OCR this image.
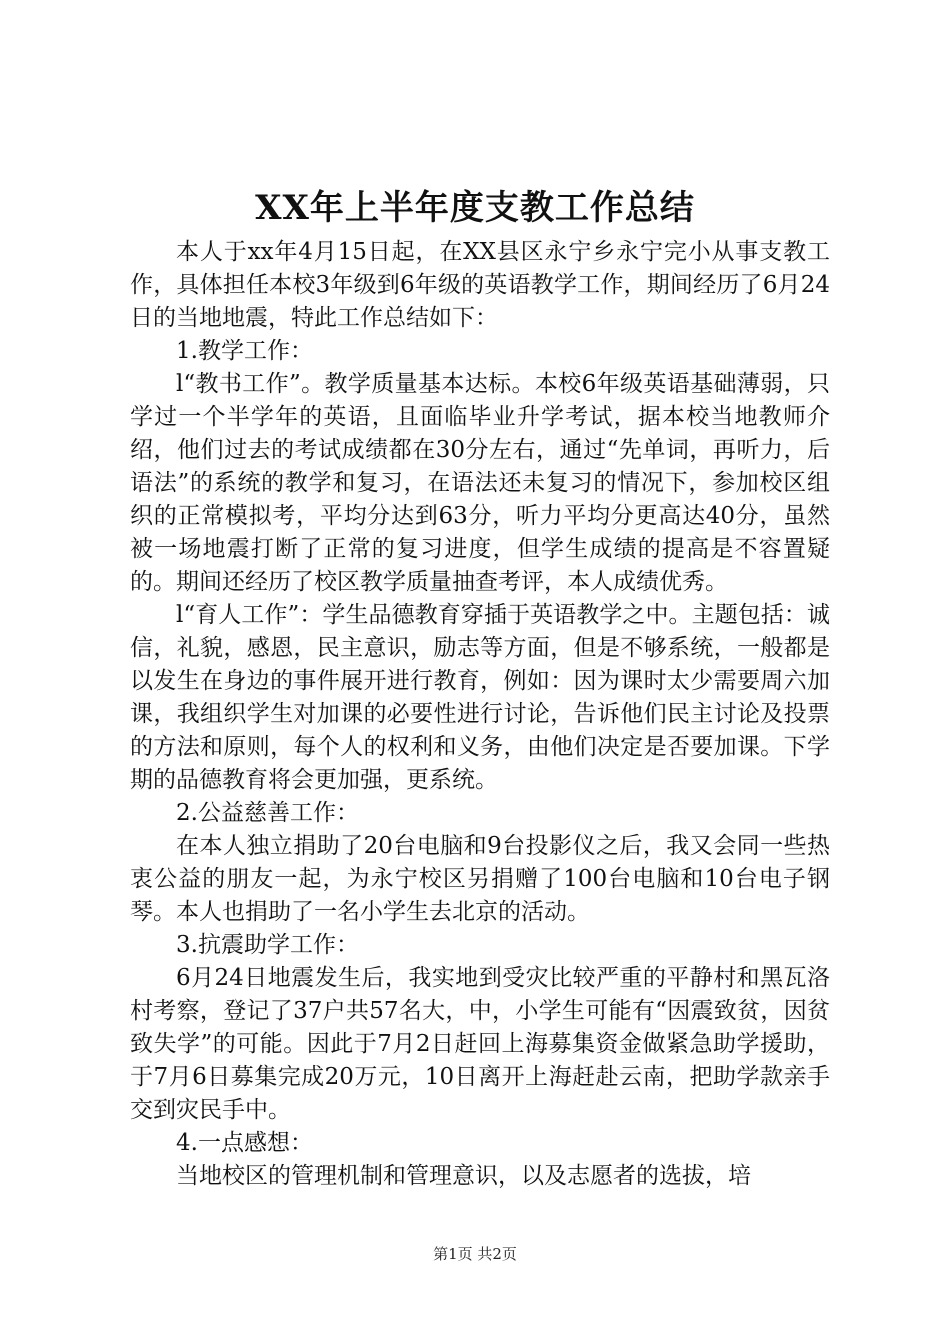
XX年上半年度支教工作总结

本人于xx年4月15日起，在XX县区永宁乡永宁完小从事支教工作，具体担任本校3年级到6年级的英语教学工作，期间经历了6月24日的当地地震，特此工作总结如下：

1.教学工作：

l“教书工作”。教学质量基本达标。本校6年级英语基础薄弱，只学过一个半学年的英语，且面临毕业升学考试，据本校当地教师介绍，他们过去的考试成绩都在30分左右，通过“先单词，再听力，后语法”的系统的教学和复习，在语法还未复习的情况下，参加校区组织的正常模拟考，平均分达到63分，听力平均分更高达40分，虽然被一场地震打断了正常的复习进度，但学生成绩的提高是不容置疑的。期间还经历了校区教学质量抽查考评，本人成绩优秀。

l“育人工作”：学生品德教育穿插于英语教学之中。主题包括：诚信，礼貌，感恩，民主意识，励志等方面，但是不够系统，一般都是以发生在身边的事件展开进行教育，例如：因为课时太少需要周六加课，我组织学生对加课的必要性进行讨论，告诉他们民主讨论及投票的方法和原则，每个人的权利和义务，由他们决定是否要加课。下学期的品德教育将会更加强，更系统。

2.公益慈善工作：

在本人独立捐助了20台电脑和9台投影仪之后，我又会同一些热衷公益的朋友一起，为永宁校区另捐赠了100台电脑和10台电子钢琴。本人也捐助了一名小学生去北京的活动。

3.抗震助学工作：

6月24日地震发生后，我实地到受灾比较严重的平静村和黑瓦洛村考察，登记了37户共57名大，中，小学生可能有“因震致贫，因贫致失学”的可能。因此于7月2日赶回上海募集资金做紧急助学援助，于7月6日募集完成20万元，10日离开上海赶赴云南，把助学款亲手交到灾民手中。

4.一点感想：

当地校区的管理机制和管理意识，以及志愿者的选拔，培

第1页 共2页
